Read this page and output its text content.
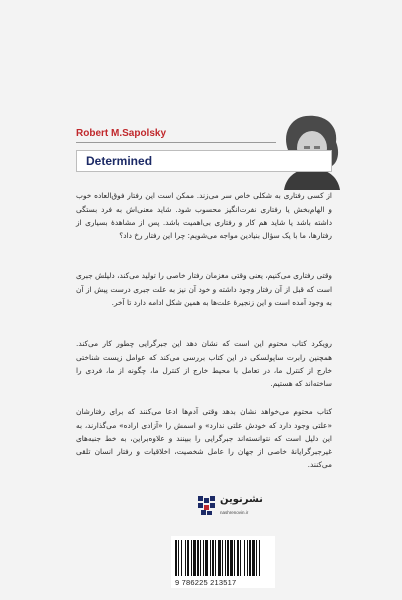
Robert M.Sapolsky
Determined

از کسی رفتاری به شکلی خاص سر می‌زند. ممکن است این رفتار فوق‌العاده خوب و الهام‌بخش یا رفتاری نفرت‌انگیز محسوب شود. شاید معنی‌اش به فرد بستگی داشته باشد یا شاید هم کار و رفتاری بی‌اهمیت باشد. پس از مشاهدهٔ بسیاری از رفتارها، ما با یک سؤال بنیادین مواجه می‌شویم: چرا این رفتار رخ داد؟

وقتی رفتاری می‌کنیم، یعنی وقتی مغزمان رفتار خاصی را تولید می‌کند، دلیلش جبری است که قبل از آن رفتار وجود داشته و خود آن نیز به علت جبری درست پیش از آن به وجود آمده است و این زنجیرهٔ علت‌ها به همین شکل ادامه دارد تا آخر.

رویکرد کتاب محتوم این است که نشان دهد این جبرگرایی چطور کار می‌کند. همچنین رابرت ساپولسکی در این کتاب بررسی می‌کند که عوامل زیست شناختی خارج از کنترل ما، در تعامل با محیط خارج از کنترل ما، چگونه از ما، فردی را ساخته‌اند که هستیم.

کتاب محتوم می‌خواهد نشان بدهد وقتی آدم‌ها ادعا می‌کنند که برای رفتارشان «علتی وجود دارد که خودش علتی ندارد» و اسمش را «آزادی اراده» می‌گذارند، به این دلیل است که نتوانسته‌اند جبرگرایی را ببینند و علاوه‌براین، به خط جنبه‌های غیرجبرگرایانهٔ خاصی از جهان را عامل شخصیت، اخلاقیات و رفتار انسان تلقی می‌کنند.

نشرنوین
nashrenovin.ir
9 786225 213517
